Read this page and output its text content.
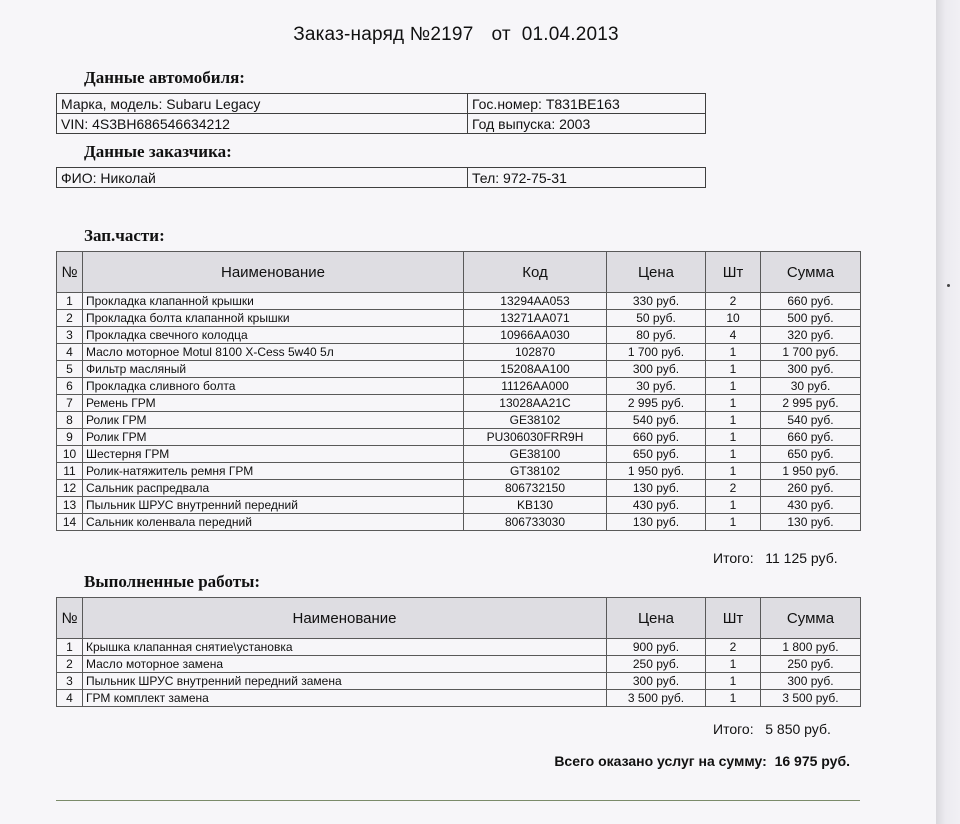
Заказ-наряд №2197 от 01.04.2013
Данные автомобиля:
Марка, модель: Subaru Legacy	Гос.номер: Т831ВЕ163
VIN: 4S3BH686546634212	Год выпуска: 2003
Данные заказчика:
ФИО: Николай	Тел: 972-75-31
Зап.части:
№	Наименование	Код	Цена	Шт	Сумма
1	Прокладка клапанной крышки	13294AA053	330 руб.	2	660 руб.
2	Прокладка болта клапанной крышки	13271AA071	50 руб.	10	500 руб.
3	Прокладка свечного колодца	10966AA030	80 руб.	4	320 руб.
4	Масло моторное Motul 8100 X-Cess 5w40 5л	102870	1 700 руб.	1	1 700 руб.
5	Фильтр масляный	15208AA100	300 руб.	1	300 руб.
6	Прокладка сливного болта	11126AA000	30 руб.	1	30 руб.
7	Ремень ГРМ	13028AA21C	2 995 руб.	1	2 995 руб.
8	Ролик ГРМ	GE38102	540 руб.	1	540 руб.
9	Ролик ГРМ	PU306030FRR9H	660 руб.	1	660 руб.
10	Шестерня ГРМ	GE38100	650 руб.	1	650 руб.
11	Ролик-натяжитель ремня ГРМ	GT38102	1 950 руб.	1	1 950 руб.
12	Сальник распредвала	806732150	130 руб.	2	260 руб.
13	Пыльник ШРУС внутренний передний	KB130	430 руб.	1	430 руб.
14	Сальник коленвала передний	806733030	130 руб.	1	130 руб.
Итого: 11 125 руб.
Выполненные работы:
№	Наименование	Цена	Шт	Сумма
1	Крышка клапанная снятие\установка	900 руб.	2	1 800 руб.
2	Масло моторное замена	250 руб.	1	250 руб.
3	Пыльник ШРУС внутренний передний замена	300 руб.	1	300 руб.
4	ГРМ комплект замена	3 500 руб.	1	3 500 руб.
Итого: 5 850 руб.
Всего оказано услуг на сумму: 16 975 руб.
